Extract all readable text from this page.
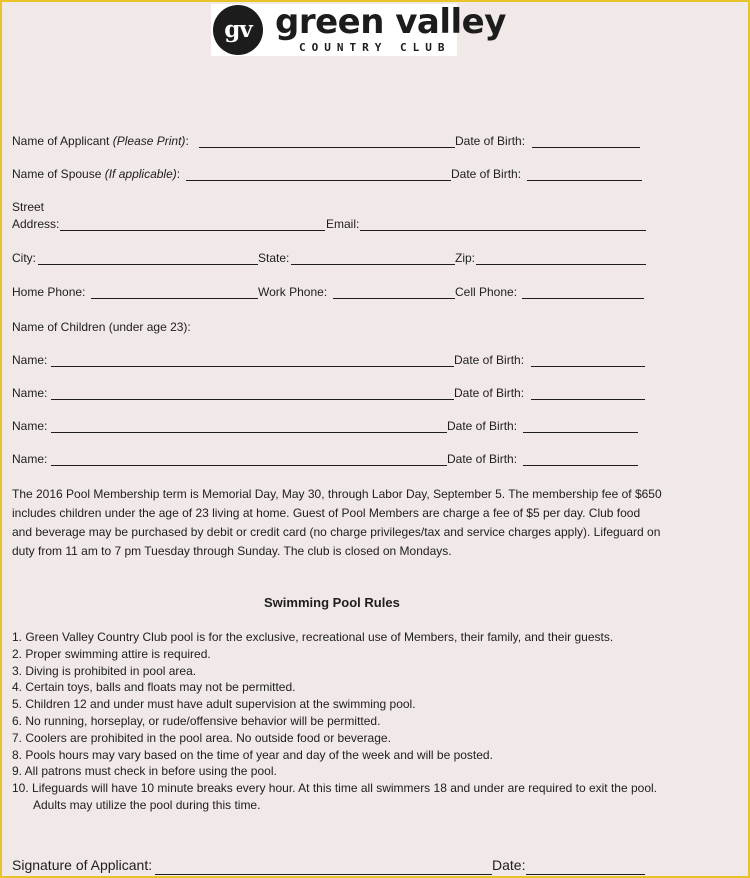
gv green valley
COUNTRY CLUB
Name of Applicant (Please Print):	Date of Birth:
Name of Spouse (If applicable):	Date of Birth:
Street
Address:	Email:
City:	State:	Zip:
Home Phone:	Work Phone:	Cell Phone:
Name of Children (under age 23):
Name:	Date of Birth:
Name:	Date of Birth:
Name:	Date of Birth:
Name:	Date of Birth:
The 2016 Pool Membership term is Memorial Day, May 30, through Labor Day, September 5. The membership fee of $650 includes children under the age of 23 living at home. Guest of Pool Members are charge a fee of $5 per day. Club food and beverage may be purchased by debit or credit card (no charge privileges/tax and service charges apply). Lifeguard on duty from 11 am to 7 pm Tuesday through Sunday. The club is closed on Mondays.
Swimming Pool Rules
1. Green Valley Country Club pool is for the exclusive, recreational use of Members, their family, and their guests.
2. Proper swimming attire is required.
3. Diving is prohibited in pool area.
4. Certain toys, balls and floats may not be permitted.
5. Children 12 and under must have adult supervision at the swimming pool.
6. No running, horseplay, or rude/offensive behavior will be permitted.
7. Coolers are prohibited in the pool area. No outside food or beverage.
8. Pools hours may vary based on the time of year and day of the week and will be posted.
9. All patrons must check in before using the pool.
10. Lifeguards will have 10 minute breaks every hour. At this time all swimmers 18 and under are required to exit the pool. Adults may utilize the pool during this time.
Signature of Applicant:	Date:
